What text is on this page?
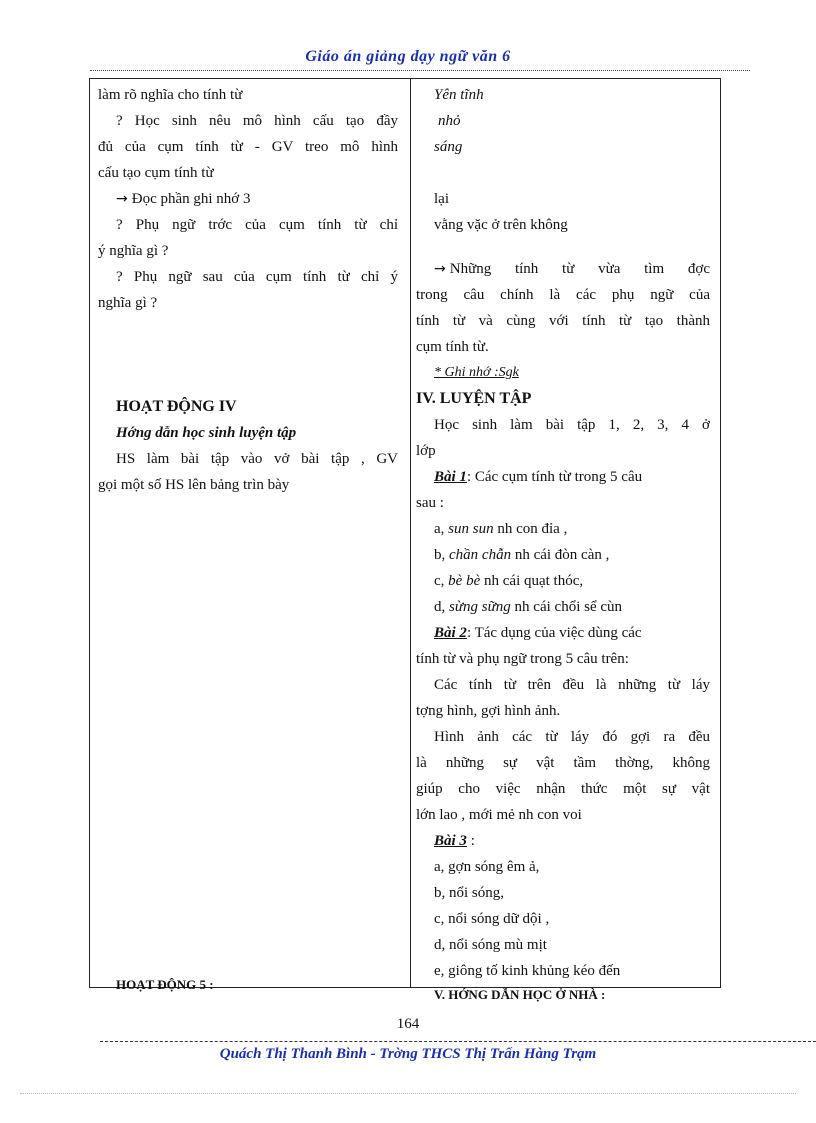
Giáo án giảng dạy ngữ văn 6
làm rõ nghĩa cho tính từ
? Học sinh nêu mô hình cấu tạo đầy
đủ của cụm tính từ - GV treo mô hình
cấu tạo cụm tính từ
→ Đọc phần ghi nhớ 3
? Phụ ngữ trớc của cụm tính từ chỉ
ý nghĩa gì ?
? Phụ ngữ sau của cụm tính từ chỉ ý
nghĩa gì ?
HOẠT ĐỘNG IV
Hớng dẫn học sinh luyện tập
HS làm bài tập vào vở bài tập , GV
gọi một số HS lên bảng trìn bày
HOẠT ĐỘNG 5 :
Yên tĩnh
nhỏ
sáng
lại
vằng vặc ở trên không
→ Những tính từ vừa tìm đợc
trong câu chính là các phụ ngữ của
tính từ và cùng với tính từ tạo thành
cụm tính từ.
* Ghi nhớ :Sgk
IV. LUYỆN TẬP
Học sinh làm bài tập 1, 2, 3, 4 ở
lớp
Bài 1: Các cụm tính từ trong 5 câu
sau :
a, sun sun nh con đỉa ,
b, chần chẫn nh cái đòn càn ,
c, bè bè nh cái quạt thóc,
d, sừng sững nh cái chổi sể cùn
Bài 2: Tác dụng của việc dùng các
tính từ và phụ ngữ trong 5 câu trên:
Các tính từ trên đều là những từ láy
tợng hình, gợi hình ảnh.
Hình ảnh các từ láy đó gợi ra đều
là những sự vật tầm thờng, không
giúp cho việc nhận thức một sự vật
lớn lao , mới mẻ nh con voi
Bài 3 :
a, gợn sóng êm ả,
b, nổi sóng,
c, nổi sóng dữ dội ,
d, nổi sóng mù mịt
e, giông tố kinh khủng kéo đến
V. HỚNG DẪN HỌC Ở NHÀ :
164
Quách Thị Thanh Bình - Trờng THCS Thị Trấn Hàng Trạm
